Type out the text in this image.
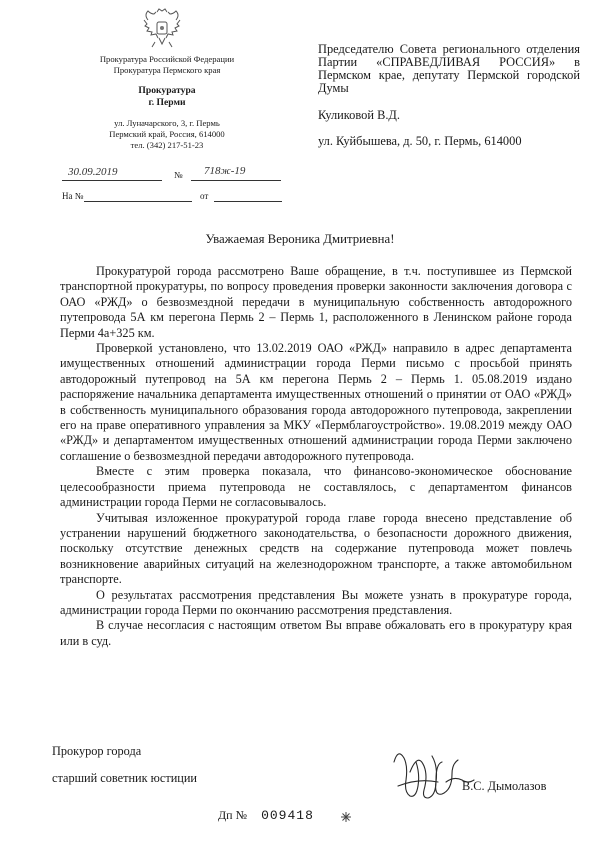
Прокуратура Российской Федерации
Прокуратура Пермского края
Прокуратура
г. Перми
ул. Луначарского, 3, г. Пермь
Пермский край, Россия, 614000
тел. (342) 217-51-23
30.09.2019	№ 718ж-19
На №	от
Председателю Совета регионального отделения Партии «СПРАВЕДЛИВАЯ РОССИЯ» в Пермском крае, депутату Пермской городской Думы
Куликовой В.Д.
ул. Куйбышева, д. 50, г. Пермь, 614000
Уважаемая Вероника Дмитриевна!

Прокуратурой города рассмотрено Ваше обращение, в т.ч. поступившее из Пермской транспортной прокуратуры, по вопросу проведения проверки законности заключения договора с ОАО «РЖД» о безвозмездной передачи в муниципальную собственность автодорожного путепровода 5А км перегона Пермь 2 – Пермь 1, расположенного в Ленинском районе города Перми 4а+325 км.

Проверкой установлено, что 13.02.2019 ОАО «РЖД» направило в адрес департамента имущественных отношений администрации города Перми письмо с просьбой принять автодорожный путепровод на 5А км перегона Пермь 2 – Пермь 1. 05.08.2019 издано распоряжение начальника департамента имущественных отношений о принятии от ОАО «РЖД» в собственность муниципального образования города автодорожного путепровода, закреплении его на праве оперативного управления за МКУ «Пермблагоустройство». 19.08.2019 между ОАО «РЖД» и департаментом имущественных отношений администрации города Перми заключено соглашение о безвозмездной передачи автодорожного путепровода.

Вместе с этим проверка показала, что финансово-экономическое обоснование целесообразности приема путепровода не составлялось, с департаментом финансов администрации города Перми не согласовывалось.

Учитывая изложенное прокуратурой города главе города внесено представление об устранении нарушений бюджетного законодательства, о безопасности дорожного движения, поскольку отсутствие денежных средств на содержание путепровода может повлечь возникновение аварийных ситуаций на железнодорожном транспорте, а также автомобильном транспорте.

О результатах рассмотрения представления Вы можете узнать в прокуратуре города, администрации города Перми по окончанию рассмотрения представления.

В случае несогласия с настоящим ответом Вы вправе обжаловать его в прокуратуру края или в суд.

Прокурор города
старший советник юстиции
В.С. Дымолазов
Дп № 009418
